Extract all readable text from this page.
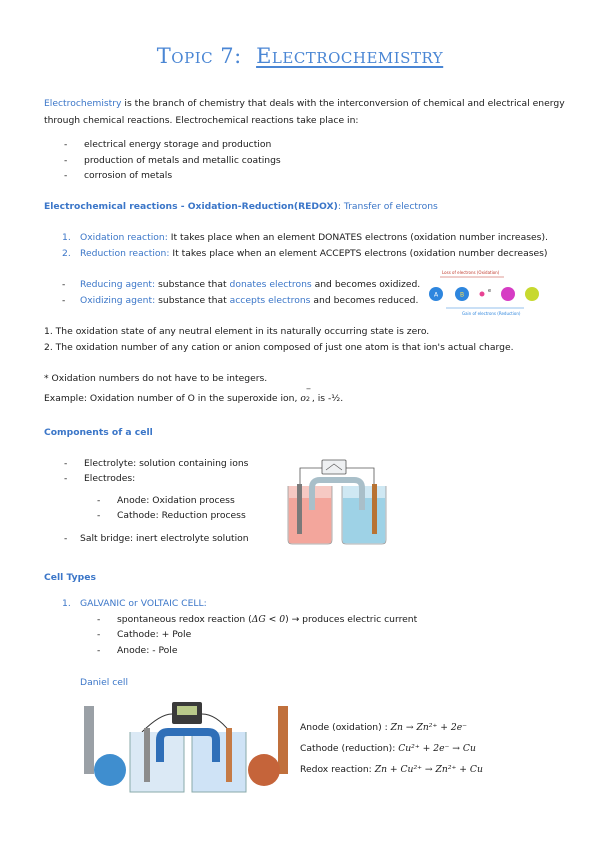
Topic 7: Electrochemistry

Electrochemistry is the branch of chemistry that deals with the interconversion of chemical and electrical energy

through chemical reactions. Electrochemical reactions take place in:

- electrical energy storage and production
- production of metals and metallic coatings
- corrosion of metals
Electrochemical reactions - Oxidation-Reduction(REDOX): Transfer of electrons
1. Oxidation reaction: It takes place when an element DONATES electrons (oxidation number increases).
2. Reduction reaction: It takes place when an element ACCEPTS electrons (oxidation number decreases)
- Reducing agent: substance that donates electrons and becomes oxidized.
- Oxidizing agent: substance that accepts electrons and becomes reduced.
Loss of electrons (Oxidation)
A	B
e
Gain of electrons (Reduction)

1. The oxidation state of any neutral element in its naturally occurring state is zero.

2. The oxidation number of any cation or anion composed of just one atom is that ion's actual charge.

* Oxidation numbers do not have to be integers.

Example: Oxidation number of O in the superoxide ion, o
−
2 , is -½.

Components of a cell
- Electrolyte: solution containing ions
- Electrodes:
- Anode: Oxidation process
- Cathode: Reduction process
- Salt bridge: inert electrolyte solution
Cell Types
1. GALVANIC or VOLTAIC CELL:
- spontaneous redox reaction (ΔG < 0) → produces electric current
- Cathode: + Pole
- Anode: - Pole
Daniel cell
Anode (oxidation) : Zn → Zn²⁺ + 2e⁻
Cathode (reduction): Cu²⁺ + 2e⁻ → Cu
Redox reaction: Zn + Cu²⁺ → Zn²⁺ + Cu
